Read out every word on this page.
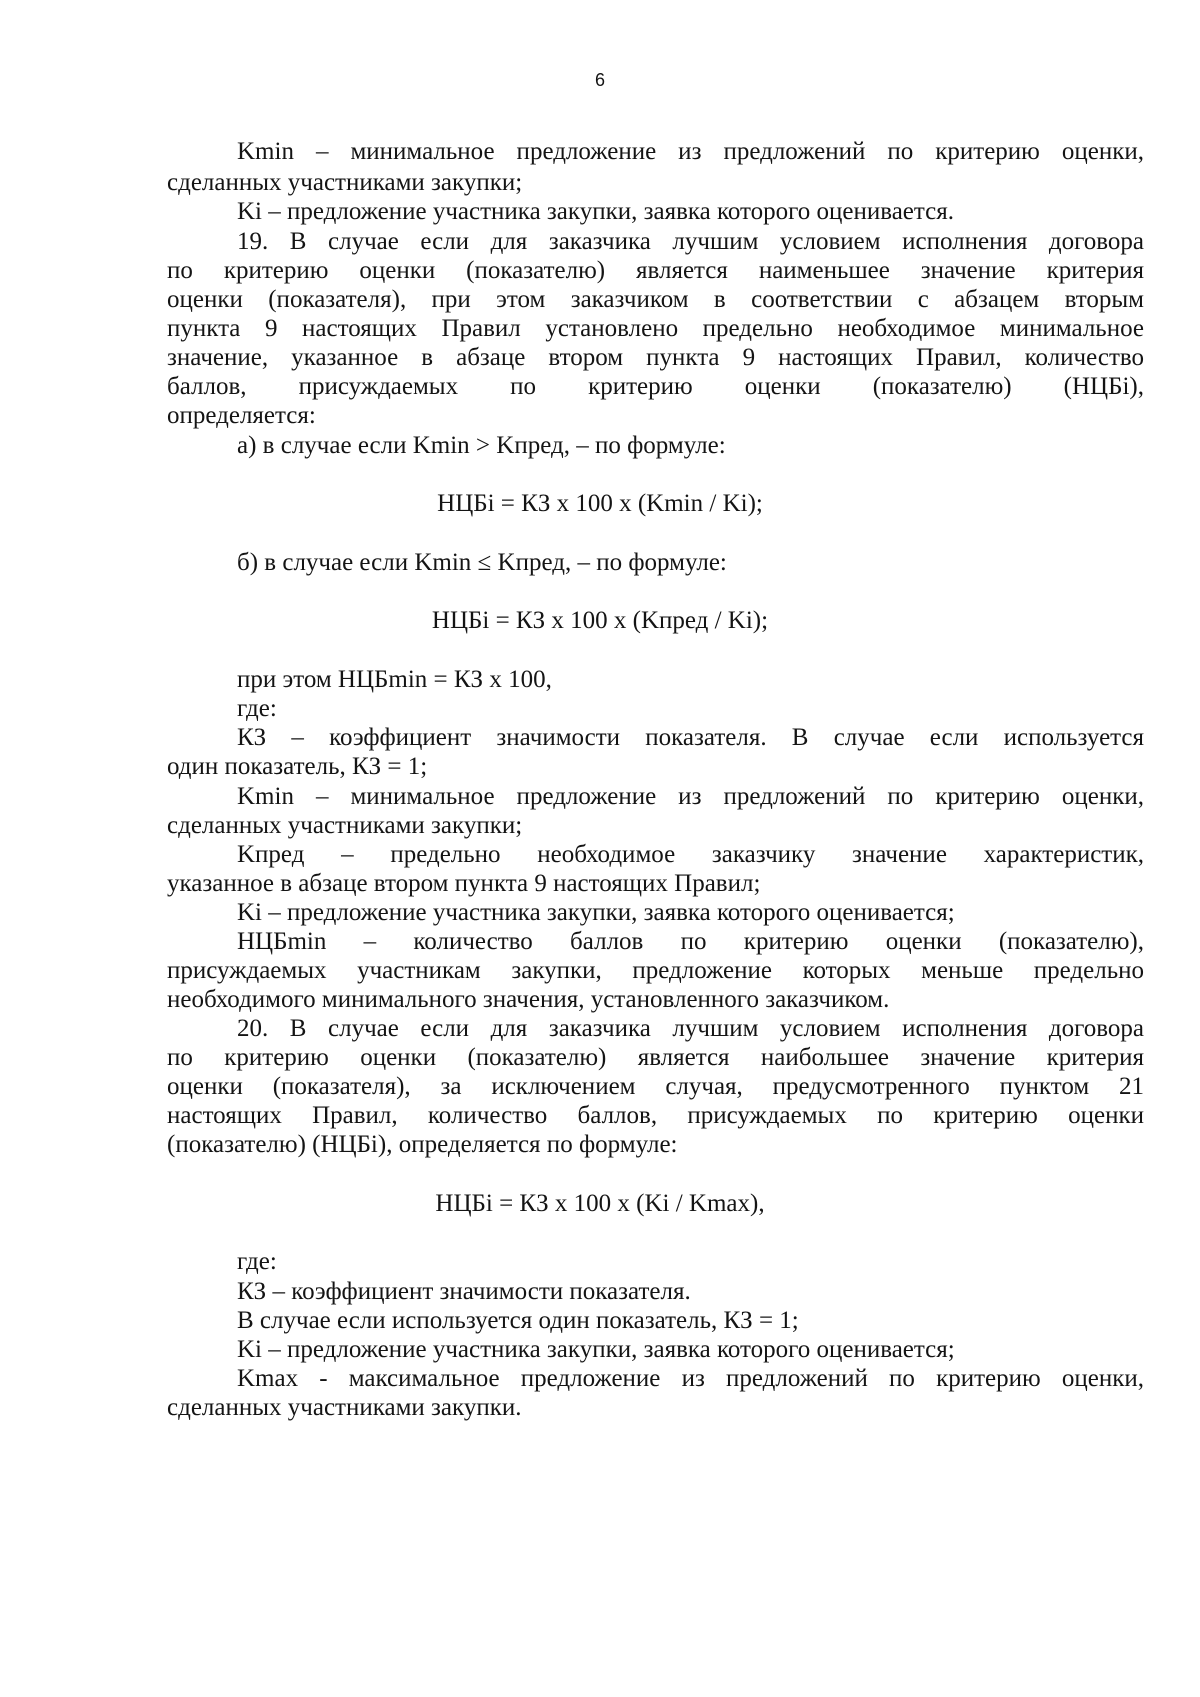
6
Kmin – минимальное предложение из предложений по критерию оценки,
сделанных участниками закупки;
Ki – предложение участника закупки, заявка которого оценивается.
19. В случае если для заказчика лучшим условием исполнения договора
по критерию оценки (показателю) является наименьшее значение критерия
оценки (показателя), при этом заказчиком в соответствии с абзацем вторым
пункта 9 настоящих Правил установлено предельно необходимое минимальное
значение, указанное в абзаце втором пункта 9 настоящих Правил, количество
баллов, присуждаемых по критерию оценки (показателю) (НЦБi),
определяется:
а) в случае если Kmin > Kпред, – по формуле:
НЦБi = КЗ x 100 x (Kmin / Ki);
б) в случае если Kmin ≤ Kпред, – по формуле:
НЦБi = КЗ x 100 x (Kпред / Ki);
при этом НЦБmin = КЗ x 100,
где:
КЗ – коэффициент значимости показателя. В случае если используется
один показатель, КЗ = 1;
Kmin – минимальное предложение из предложений по критерию оценки,
сделанных участниками закупки;
Kпред – предельно необходимое заказчику значение характеристик,
указанное в абзаце втором пункта 9 настоящих Правил;
Ki – предложение участника закупки, заявка которого оценивается;
НЦБmin – количество баллов по критерию оценки (показателю),
присуждаемых участникам закупки, предложение которых меньше предельно
необходимого минимального значения, установленного заказчиком.
20. В случае если для заказчика лучшим условием исполнения договора
по критерию оценки (показателю) является наибольшее значение критерия
оценки (показателя), за исключением случая, предусмотренного пунктом 21
настоящих Правил, количество баллов, присуждаемых по критерию оценки
(показателю) (НЦБi), определяется по формуле:
НЦБi = КЗ x 100 x (Ki / Kmax),
где:
КЗ – коэффициент значимости показателя.
В случае если используется один показатель, КЗ = 1;
Ki – предложение участника закупки, заявка которого оценивается;
Kmax - максимальное предложение из предложений по критерию оценки,
сделанных участниками закупки.
